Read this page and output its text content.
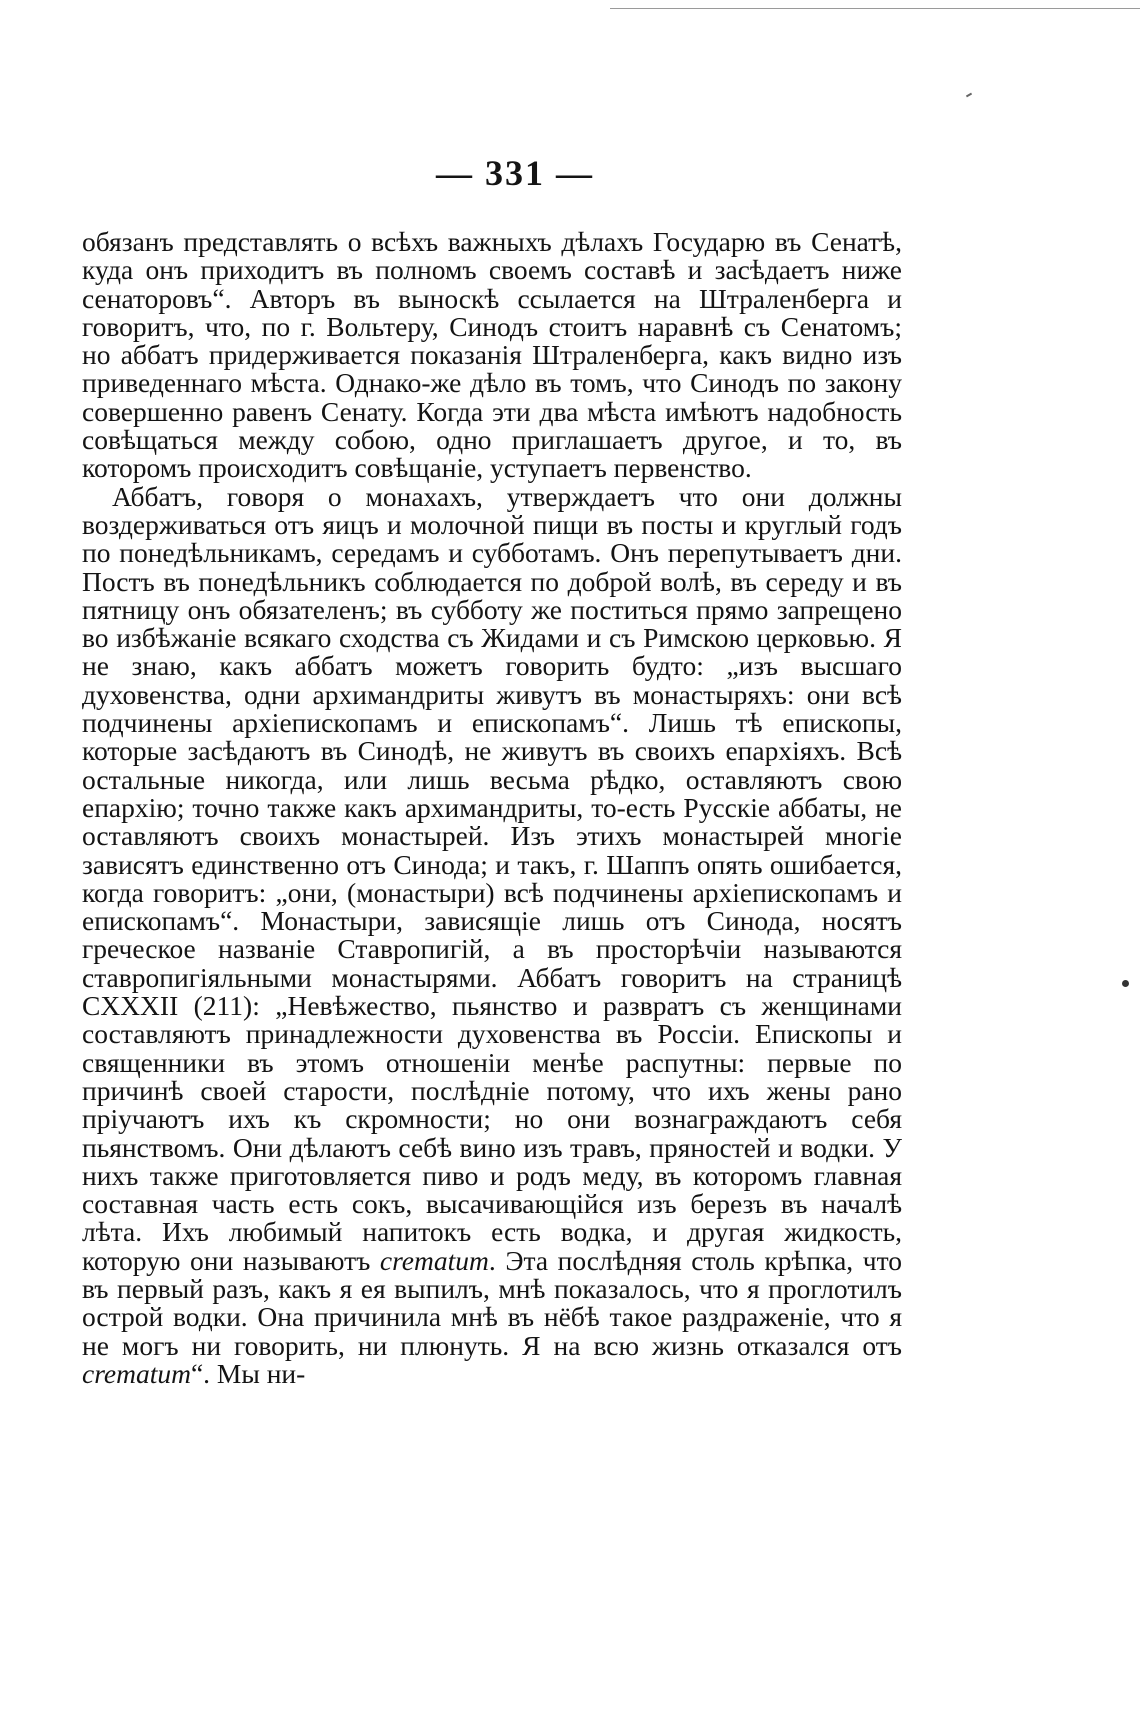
— 331 —

обязанъ представлять о всѣхъ важныхъ дѣлахъ Государю въ Сенатѣ, куда онъ приходитъ въ полномъ своемъ составѣ и засѣдаетъ ниже сенаторовъ“. Авторъ въ выноскѣ ссылается на Штраленберга и говоритъ, что, по г. Вольтеру, Синодъ стоитъ наравнѣ съ Сенатомъ; но аббатъ придерживается показанія Штраленберга, какъ видно изъ приведеннаго мѣста. Однако-же дѣло въ томъ, что Синодъ по закону совершенно равенъ Сенату. Когда эти два мѣста имѣютъ надобность совѣщаться между собою, одно приглашаетъ другое, и то, въ которомъ происходитъ совѣщаніе, уступаетъ первенство.

Аббатъ, говоря о монахахъ, утверждаетъ что они должны воздерживаться отъ яицъ и молочной пищи въ посты и круглый годъ по понедѣльникамъ, середамъ и субботамъ. Онъ перепутываетъ дни. Постъ въ понедѣльникъ соблюдается по доброй волѣ, въ середу и въ пятницу онъ обязателенъ; въ субботу же поститься прямо запрещено во избѣжаніе всякаго сходства съ Жидами и съ Римскою церковью. Я не знаю, какъ аббатъ можетъ говорить будто: „изъ высшаго духовенства, одни архимандриты живутъ въ монастыряхъ: они всѣ подчинены архіепископамъ и епископамъ“. Лишь тѣ епископы, которые засѣдаютъ въ Синодѣ, не живутъ въ своихъ епархіяхъ. Всѣ остальные никогда, или лишь весьма рѣдко, оставляютъ свою епархію; точно также какъ архимандриты, то-есть Русскіе аббаты, не оставляютъ своихъ монастырей. Изъ этихъ монастырей многіе зависятъ единственно отъ Синода; и такъ, г. Шаппъ опять ошибается, когда говоритъ: „они, (монастыри) всѣ подчинены архіепископамъ и епископамъ“. Монастыри, зависящіе лишь отъ Синода, носятъ греческое названіе Ставропигій, а въ просторѣчіи называются ставропигіяльными монастырями. Аббатъ говоритъ на страницѣ CXXXII (211): „Невѣжество, пьянство и развратъ съ женщинами составляютъ принадлежности духовенства въ Россіи. Епископы и священники въ этомъ отношеніи менѣе распутны: первые по причинѣ своей старости, послѣдніе потому, что ихъ жены рано пріучаютъ ихъ къ скромности; но они вознаграждаютъ себя пьянствомъ. Они дѣлаютъ себѣ вино изъ травъ, пряностей и водки. У нихъ также приготовляется пиво и родъ меду, въ которомъ главная составная часть есть сокъ, высачивающійся изъ березъ въ началѣ лѣта. Ихъ любимый напитокъ есть водка, и другая жидкость, которую они называютъ crematum. Эта послѣдняя столь крѣпка, что въ первый разъ, какъ я ея выпилъ, мнѣ показалось, что я проглотилъ острой водки. Она причинила мнѣ въ нёбѣ такое раздраженіе, что я не могъ ни говорить, ни плюнуть. Я на всю жизнь отказался отъ crematum“. Мы ни-
